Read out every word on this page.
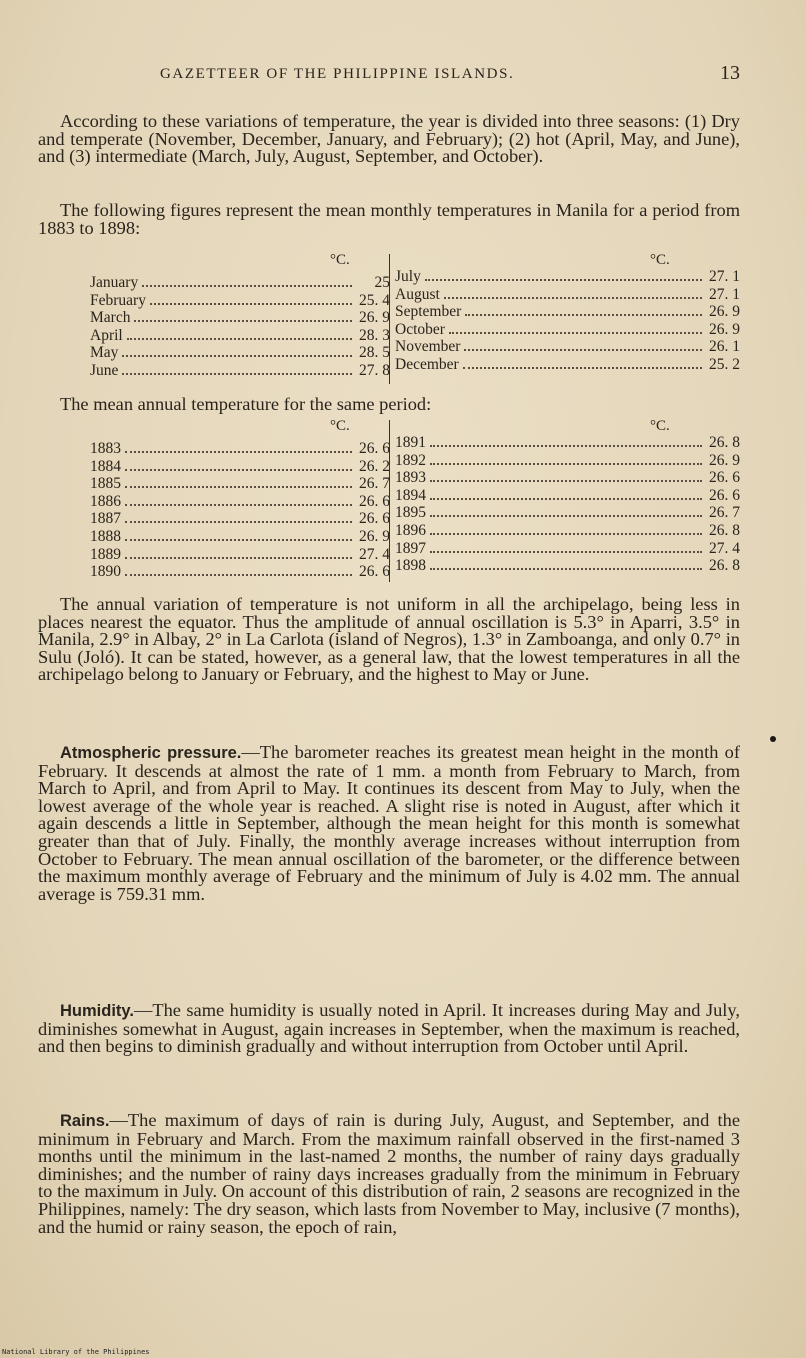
GAZETTEER OF THE PHILIPPINE ISLANDS.	13

According to these variations of temperature, the year is divided into three seasons: (1) Dry and temperate (November, December, January, and February); (2) hot (April, May, and June), and (3) intermediate (March, July, August, September, and October).

The following figures represent the mean monthly temperatures in Manila for a period from 1883 to 1898:

°C.	°C.
January	25
February	25. 4
March	26. 9
April	28. 3
May	28. 5
June	27. 8
July	27. 1
August	27. 1
September	26. 9
October	26. 9
November	26. 1
December	25. 2

The mean annual temperature for the same period:

°C.	°C.
1883	26. 6
1884	26. 2
1885	26. 7
1886	26. 6
1887	26. 6
1888	26. 9
1889	27. 4
1890	26. 6
1891	26. 8
1892	26. 9
1893	26. 6
1894	26. 6
1895	26. 7
1896	26. 8
1897	27. 4
1898	26. 8

The annual variation of temperature is not uniform in all the archipelago, being less in places nearest the equator. Thus the amplitude of annual oscillation is 5.3° in Aparri, 3.5° in Manila, 2.9° in Albay, 2° in La Carlota (island of Negros), 1.3° in Zamboanga, and only 0.7° in Sulu (Joló). It can be stated, however, as a general law, that the lowest temperatures in all the archipelago belong to January or February, and the highest to May or June.

Atmospheric pressure.—The barometer reaches its greatest mean height in the month of February. It descends at almost the rate of 1 mm. a month from February to March, from March to April, and from April to May. It continues its descent from May to July, when the lowest average of the whole year is reached. A slight rise is noted in August, after which it again descends a little in September, although the mean height for this month is somewhat greater than that of July. Finally, the monthly average increases without interruption from October to February. The mean annual oscillation of the barometer, or the difference between the maximum monthly average of February and the minimum of July is 4.02 mm. The annual average is 759.31 mm.

Humidity.—The same humidity is usually noted in April. It increases during May and July, diminishes somewhat in August, again increases in September, when the maximum is reached, and then begins to diminish gradually and without interruption from October until April.

Rains.—The maximum of days of rain is during July, August, and September, and the minimum in February and March. From the maximum rainfall observed in the first-named 3 months until the minimum in the last-named 2 months, the number of rainy days gradually diminishes; and the number of rainy days increases gradually from the minimum in February to the maximum in July. On account of this distribution of rain, 2 seasons are recognized in the Philippines, namely: The dry season, which lasts from November to May, inclusive (7 months), and the humid or rainy season, the epoch of rain,

National Library of the Philippines
